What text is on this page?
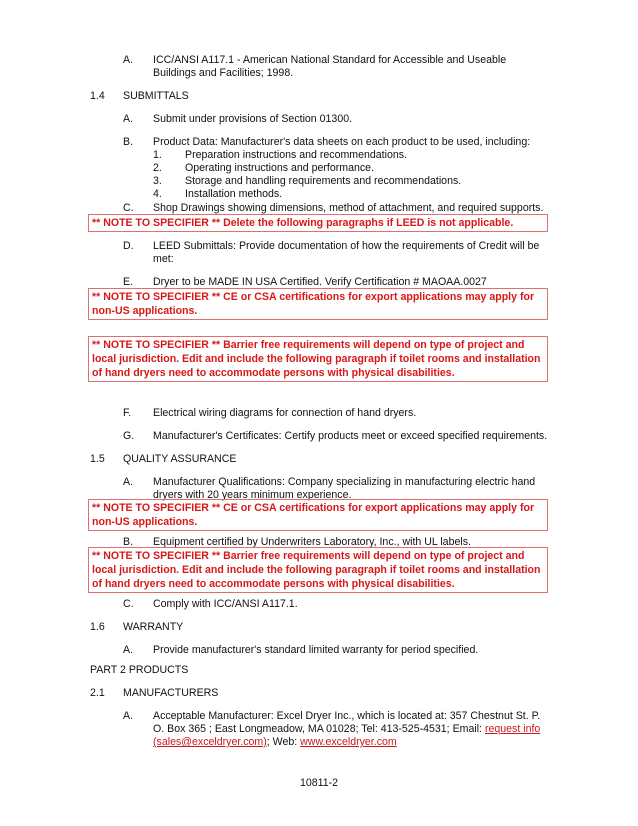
A. ICC/ANSI A117.1 - American National Standard for Accessible and Useable
Buildings and Facilities; 1998.
1.4 SUBMITTALS
A. Submit under provisions of Section 01300.
B. Product Data: Manufacturer's data sheets on each product to be used, including:
1. Preparation instructions and recommendations.
2. Operating instructions and performance.
3. Storage and handling requirements and recommendations.
4. Installation methods.
C. Shop Drawings showing dimensions, method of attachment, and required supports.
** NOTE TO SPECIFIER ** Delete the following paragraphs if LEED is not applicable.
D. LEED Submittals: Provide documentation of how the requirements of Credit will be
met:
E. Dryer to be MADE IN USA Certified. Verify Certification # MAOAA.0027
** NOTE TO SPECIFIER ** CE or CSA certifications for export applications may apply for
non-US applications.
** NOTE TO SPECIFIER ** Barrier free requirements will depend on type of project and
local jurisdiction. Edit and include the following paragraph if toilet rooms and installation
of hand dryers need to accommodate persons with physical disabilities.
F. Electrical wiring diagrams for connection of hand dryers.
G. Manufacturer's Certificates: Certify products meet or exceed specified requirements.
1.5 QUALITY ASSURANCE
A. Manufacturer Qualifications: Company specializing in manufacturing electric hand
dryers with 20 years minimum experience.
** NOTE TO SPECIFIER ** CE or CSA certifications for export applications may apply for
non-US applications.
B. Equipment certified by Underwriters Laboratory, Inc., with UL labels.
** NOTE TO SPECIFIER ** Barrier free requirements will depend on type of project and
local jurisdiction. Edit and include the following paragraph if toilet rooms and installation
of hand dryers need to accommodate persons with physical disabilities.
C. Comply with ICC/ANSI A117.1.
1.6 WARRANTY
A. Provide manufacturer's standard limited warranty for period specified.
PART 2 PRODUCTS
2.1 MANUFACTURERS
A. Acceptable Manufacturer: Excel Dryer Inc., which is located at: 357 Chestnut St. P.
O. Box 365 ; East Longmeadow, MA 01028; Tel: 413-525-4531; Email: request info
(sales@exceldryer.com); Web: www.exceldryer.com
10811-2
